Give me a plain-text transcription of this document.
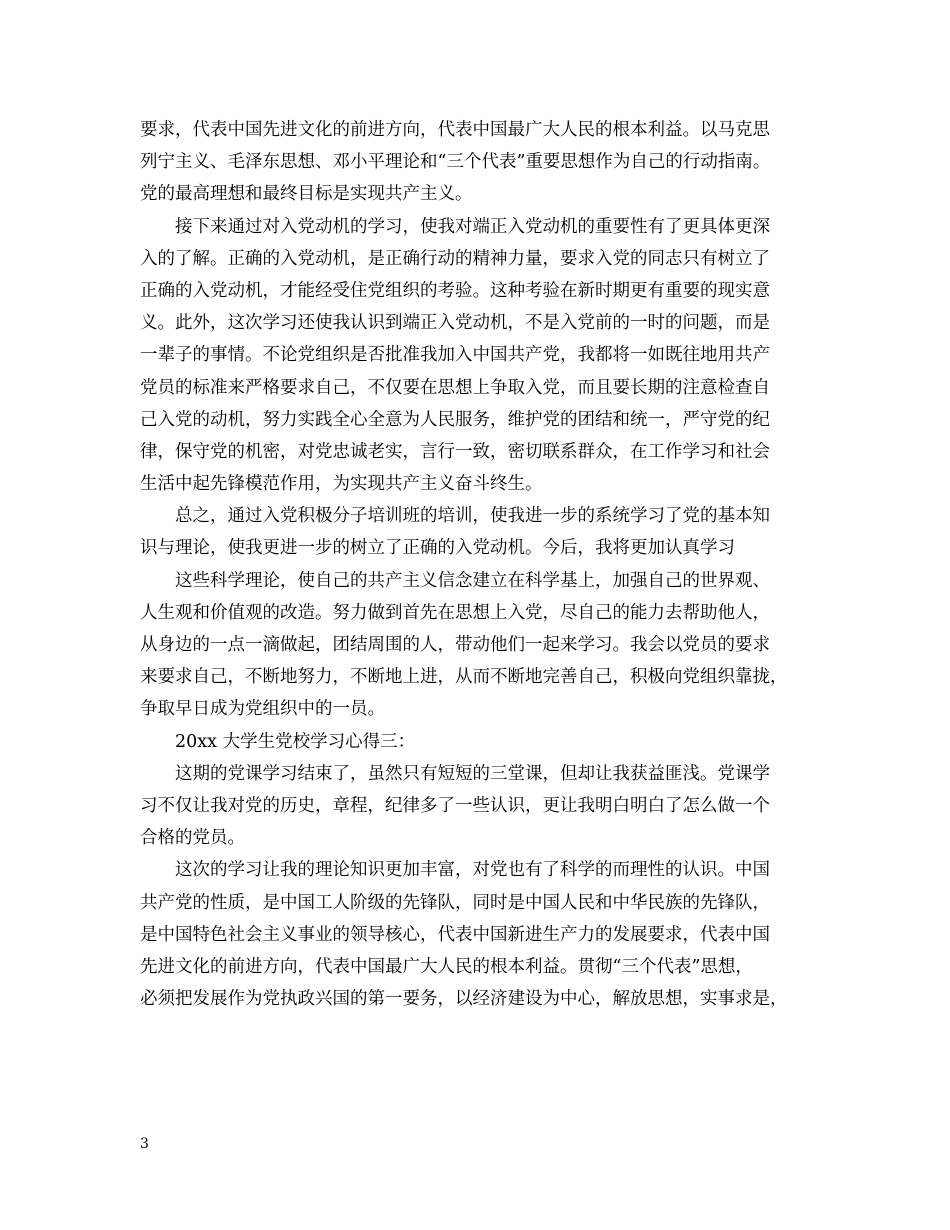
要求，代表中国先进文化的前进方向，代表中国最广大人民的根本利益。以马克思
列宁主义、毛泽东思想、邓小平理论和“三个代表”重要思想作为自己的行动指南。
党的最高理想和最终目标是实现共产主义。
接下来通过对入党动机的学习，使我对端正入党动机的重要性有了更具体更深
入的了解。正确的入党动机，是正确行动的精神力量，要求入党的同志只有树立了
正确的入党动机，才能经受住党组织的考验。这种考验在新时期更有重要的现实意
义。此外，这次学习还使我认识到端正入党动机，不是入党前的一时的问题，而是
一辈子的事情。不论党组织是否批准我加入中国共产党，我都将一如既往地用共产
党员的标准来严格要求自己，不仅要在思想上争取入党，而且要长期的注意检查自
己入党的动机，努力实践全心全意为人民服务，维护党的团结和统一，严守党的纪
律，保守党的机密，对党忠诚老实，言行一致，密切联系群众，在工作学习和社会
生活中起先锋模范作用，为实现共产主义奋斗终生。
总之，通过入党积极分子培训班的培训，使我进一步的系统学习了党的基本知
识与理论，使我更进一步的树立了正确的入党动机。今后，我将更加认真学习
这些科学理论，使自己的共产主义信念建立在科学基上，加强自己的世界观、
人生观和价值观的改造。努力做到首先在思想上入党，尽自己的能力去帮助他人，
从身边的一点一滴做起，团结周围的人，带动他们一起来学习。我会以党员的要求
来要求自己，不断地努力，不断地上进，从而不断地完善自己，积极向党组织靠拢，
争取早日成为党组织中的一员。
20xx 大学生党校学习心得三：
这期的党课学习结束了，虽然只有短短的三堂课，但却让我获益匪浅。党课学
习不仅让我对党的历史，章程，纪律多了一些认识，更让我明白明白了怎么做一个
合格的党员。
这次的学习让我的理论知识更加丰富，对党也有了科学的而理性的认识。中国
共产党的性质，是中国工人阶级的先锋队，同时是中国人民和中华民族的先锋队，
是中国特色社会主义事业的领导核心，代表中国新进生产力的发展要求，代表中国
先进文化的前进方向，代表中国最广大人民的根本利益。贯彻“三个代表”思想，
必须把发展作为党执政兴国的第一要务，以经济建设为中心，解放思想，实事求是，
3
